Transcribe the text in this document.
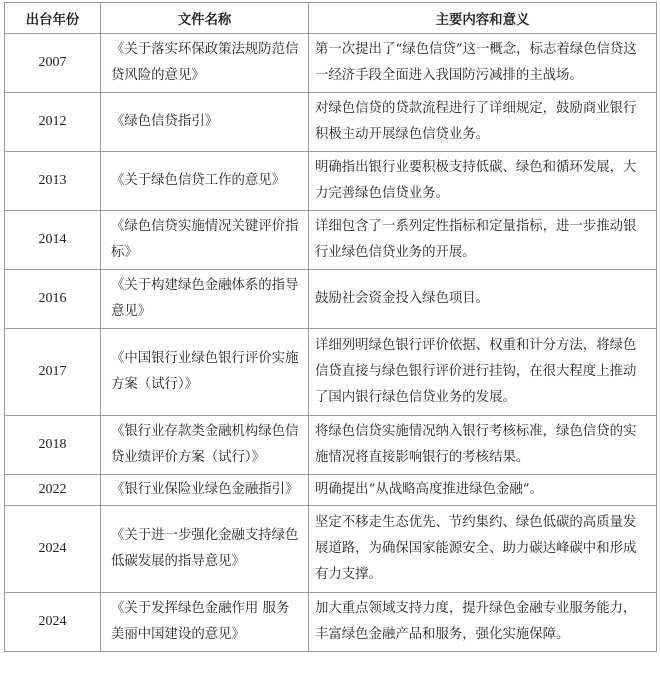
出台年份	文件名称	主要内容和意义
2007	《关于落实环保政策法规防范信贷风险的意见》	第一次提出了“绿色信贷”这一概念，标志着绿色信贷这一经济手段全面进入我国防污减排的主战场。
2012	《绿色信贷指引》	对绿色信贷的贷款流程进行了详细规定，鼓励商业银行积极主动开展绿色信贷业务。
2013	《关于绿色信贷工作的意见》	明确指出银行业要积极支持低碳、绿色和循环发展，大力完善绿色信贷业务。
2014	《绿色信贷实施情况关键评价指标》	详细包含了一系列定性指标和定量指标，进一步推动银行业绿色信贷业务的开展。
2016	《关于构建绿色金融体系的指导意见》	鼓励社会资金投入绿色项目。
2017	《中国银行业绿色银行评价实施方案（试行）》	详细列明绿色银行评价依据、权重和计分方法，将绿色信贷直接与绿色银行评价进行挂钩，在很大程度上推动了国内银行绿色信贷业务的发展。
2018	《银行业存款类金融机构绿色信贷业绩评价方案（试行）》	将绿色信贷实施情况纳入银行考核标准，绿色信贷的实施情况将直接影响银行的考核结果。
2022	《银行业保险业绿色金融指引》	明确提出“从战略高度推进绿色金融”。
2024	《关于进一步强化金融支持绿色低碳发展的指导意见》	坚定不移走生态优先、节约集约、绿色低碳的高质量发展道路，为确保国家能源安全、助力碳达峰碳中和形成有力支撑。
2024	《关于发挥绿色金融作用 服务美丽中国建设的意见》	加大重点领域支持力度，提升绿色金融专业服务能力，丰富绿色金融产品和服务，强化实施保障。
